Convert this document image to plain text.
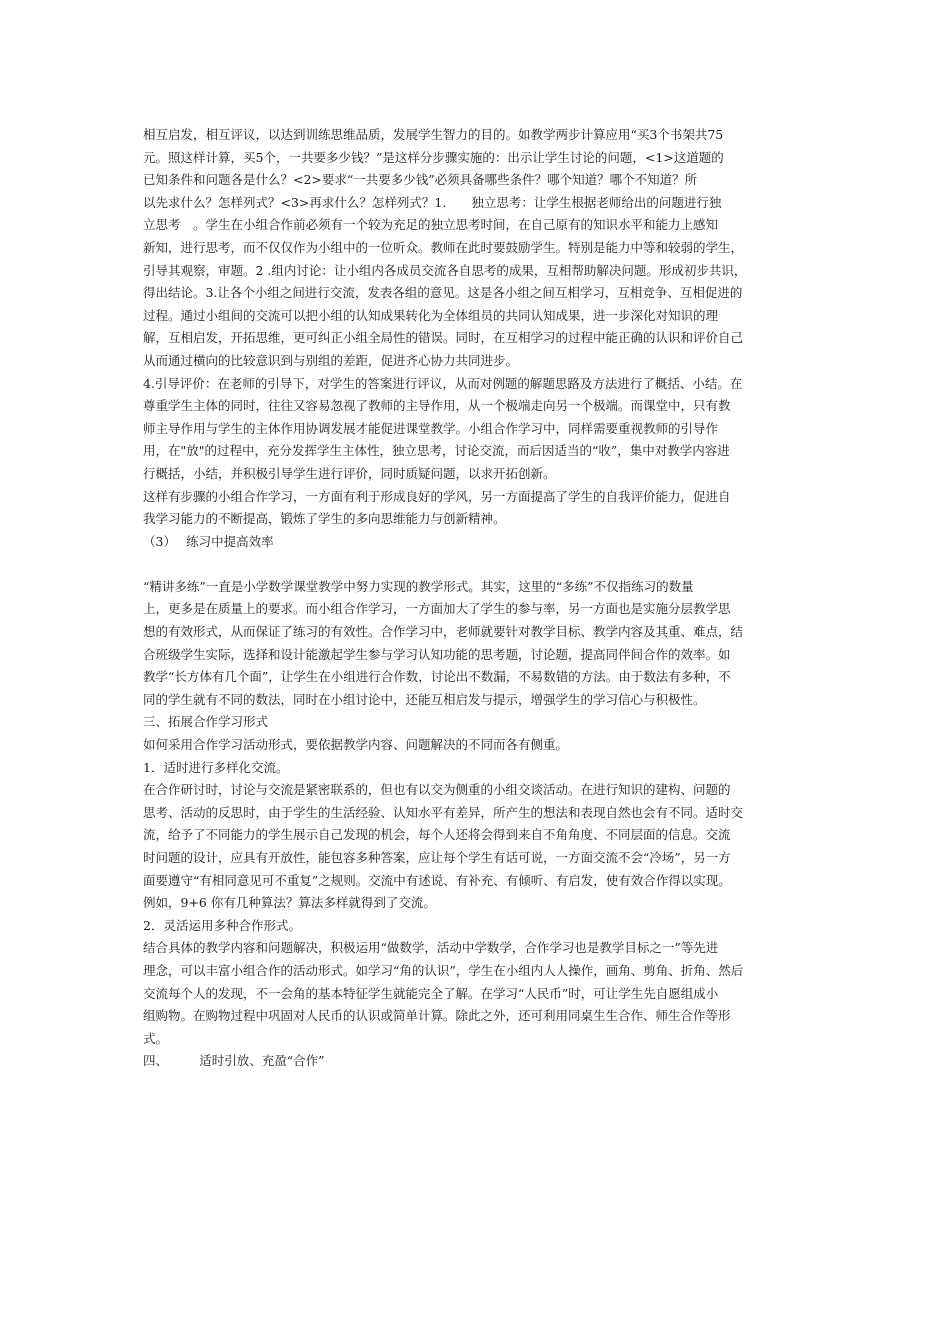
相互启发，相互评议，以达到训练思维品质，发展学生智力的目的。如教学两步计算应用“买3个书架共75
元。照这样计算，买5个，一共要多少钱？”是这样分步骤实施的：出示让学生讨论的问题，<1>这道题的
已知条件和问题各是什么？<2>要求“一共要多少钱”必须具备哪些条件？哪个知道？哪个不知道？所
以先求什么？怎样列式？<3>再求什么？怎样列式？1.　　独立思考：让学生根据老师给出的问题进行独
立思考　。学生在小组合作前必须有一个较为充足的独立思考时间，在自己原有的知识水平和能力上感知
新知，进行思考，而不仅仅作为小组中的一位听众。教师在此时要鼓励学生。特别是能力中等和较弱的学生，
引导其观察，审题。2 .组内讨论：让小组内各成员交流各自思考的成果，互相帮助解决问题。形成初步共识，
得出结论。3.让各个小组之间进行交流，发表各组的意见。这是各小组之间互相学习，互相竞争、互相促进的
过程。通过小组间的交流可以把小组的认知成果转化为全体组员的共同认知成果，进一步深化对知识的理
解，互相启发，开拓思维，更可纠正小组全局性的错误。同时，在互相学习的过程中能正确的认识和评价自己
从而通过横向的比较意识到与别组的差距，促进齐心协力共同进步。
4.引导评价：在老师的引导下，对学生的答案进行评议，从而对例题的解题思路及方法进行了概括、小结。在
尊重学生主体的同时，往往又容易忽视了教师的主导作用，从一个极端走向另一个极端。而课堂中，只有教
师主导作用与学生的主体作用协调发展才能促进课堂教学。小组合作学习中，同样需要重视教师的引导作
用，在"放"的过程中，充分发挥学生主体性，独立思考，讨论交流，而后因适当的“收”，集中对教学内容进
行概括，小结，并积极引导学生进行评价，同时质疑问题，以求开拓创新。
这样有步骤的小组合作学习，一方面有利于形成良好的学风，另一方面提高了学生的自我评价能力，促进自
我学习能力的不断提高，锻炼了学生的多向思维能力与创新精神。
（3）　 练习中提高效率
“精讲多练”一直是小学数学课堂教学中努力实现的教学形式。其实，这里的“多练”不仅指练习的数量
上，更多是在质量上的要求。而小组合作学习，一方面加大了学生的参与率，另一方面也是实施分层教学思
想的有效形式，从而保证了练习的有效性。合作学习中，老师就要针对教学目标、教学内容及其重、难点，结
合班级学生实际，选择和设计能激起学生参与学习认知功能的思考题，讨论题，提高同伴间合作的效率。如
教学“长方体有几个面”，让学生在小组进行合作数，讨论出不数漏，不易数错的方法。由于数法有多种，不
同的学生就有不同的数法，同时在小组讨论中，还能互相启发与提示，增强学生的学习信心与积极性。
三、拓展合作学习形式
如何采用合作学习活动形式，要依据教学内容、问题解决的不同而各有侧重。
1．适时进行多样化交流。
在合作研讨时，讨论与交流是紧密联系的，但也有以交为侧重的小组交谈活动。在进行知识的建构、问题的
思考、活动的反思时，由于学生的生活经验、认知水平有差异，所产生的想法和表现自然也会有不同。适时交
流，给予了不同能力的学生展示自己发现的机会，每个人还将会得到来自不角角度、不同层面的信息。交流
时问题的设计，应具有开放性，能包容多种答案，应让每个学生有话可说，一方面交流不会“冷场”，另一方
面要遵守“有相同意见可不重复”之规则。交流中有述说、有补充、有倾听、有启发，使有效合作得以实现。
例如，9+6 你有几种算法？算法多样就得到了交流。
2．灵活运用多种合作形式。
结合具体的教学内容和问题解决，积极运用“做数学，活动中学数学，合作学习也是教学目标之一”等先进
理念，可以丰富小组合作的活动形式。如学习“角的认识”，学生在小组内人人操作，画角、剪角、折角、然后
交流每个人的发现，不一会角的基本特征学生就能完全了解。在学习“人民币”时，可让学生先自愿组成小
组购物。在购物过程中巩固对人民币的认识或简单计算。除此之外，还可利用同桌生生合作、师生合作等形
式。
四、　　　适时引放、充盈“合作”
